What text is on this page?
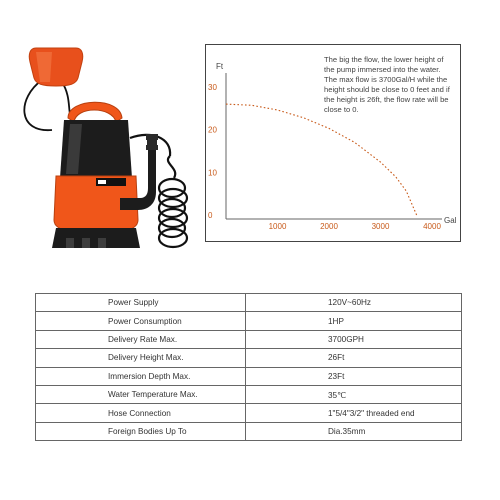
Ft
Gal
0
10
20
30
1000	2000	3000	4000
The big the flow, the lower height of
the pump immersed into the water.
The max flow is 3700Gal/H while the
height should be close to 0 feet and if
the height is 26ft, the flow rate will be
close to 0.
Power Supply	120V~60Hz
Power Consumption	1HP
Delivery Rate Max.	3700GPH
Delivery Height Max.	26Ft
Immersion Depth Max.	23Ft
Water Temperature Max.	35℃
Hose Connection	1"5/4"3/2" threaded end
Foreign Bodies Up To	Dia.35mm
